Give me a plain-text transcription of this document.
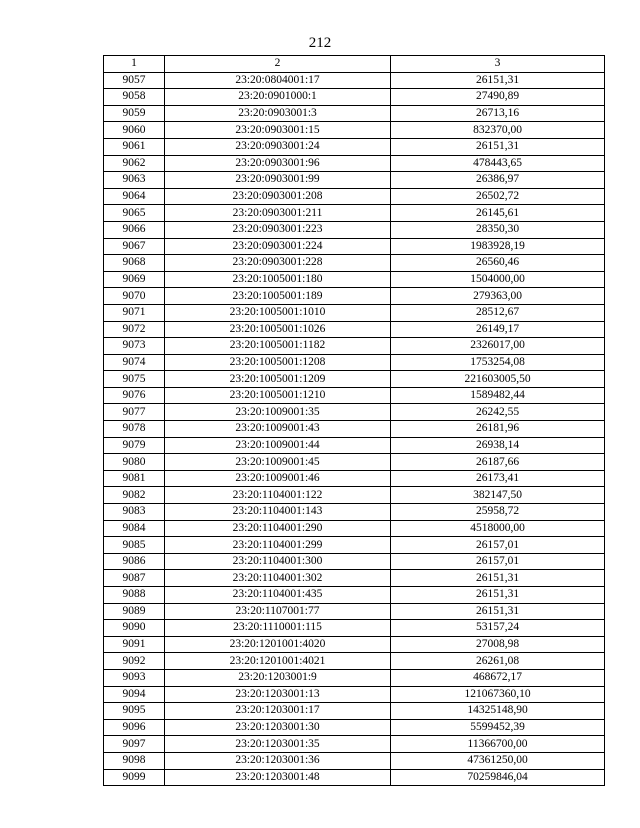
212
1	2	3
9057	23:20:0804001:17	26151,31
9058	23:20:0901000:1	27490,89
9059	23:20:0903001:3	26713,16
9060	23:20:0903001:15	832370,00
9061	23:20:0903001:24	26151,31
9062	23:20:0903001:96	478443,65
9063	23:20:0903001:99	26386,97
9064	23:20:0903001:208	26502,72
9065	23:20:0903001:211	26145,61
9066	23:20:0903001:223	28350,30
9067	23:20:0903001:224	1983928,19
9068	23:20:0903001:228	26560,46
9069	23:20:1005001:180	1504000,00
9070	23:20:1005001:189	279363,00
9071	23:20:1005001:1010	28512,67
9072	23:20:1005001:1026	26149,17
9073	23:20:1005001:1182	2326017,00
9074	23:20:1005001:1208	1753254,08
9075	23:20:1005001:1209	221603005,50
9076	23:20:1005001:1210	1589482,44
9077	23:20:1009001:35	26242,55
9078	23:20:1009001:43	26181,96
9079	23:20:1009001:44	26938,14
9080	23:20:1009001:45	26187,66
9081	23:20:1009001:46	26173,41
9082	23:20:1104001:122	382147,50
9083	23:20:1104001:143	25958,72
9084	23:20:1104001:290	4518000,00
9085	23:20:1104001:299	26157,01
9086	23:20:1104001:300	26157,01
9087	23:20:1104001:302	26151,31
9088	23:20:1104001:435	26151,31
9089	23:20:1107001:77	26151,31
9090	23:20:1110001:115	53157,24
9091	23:20:1201001:4020	27008,98
9092	23:20:1201001:4021	26261,08
9093	23:20:1203001:9	468672,17
9094	23:20:1203001:13	121067360,10
9095	23:20:1203001:17	14325148,90
9096	23:20:1203001:30	5599452,39
9097	23:20:1203001:35	11366700,00
9098	23:20:1203001:36	47361250,00
9099	23:20:1203001:48	70259846,04
